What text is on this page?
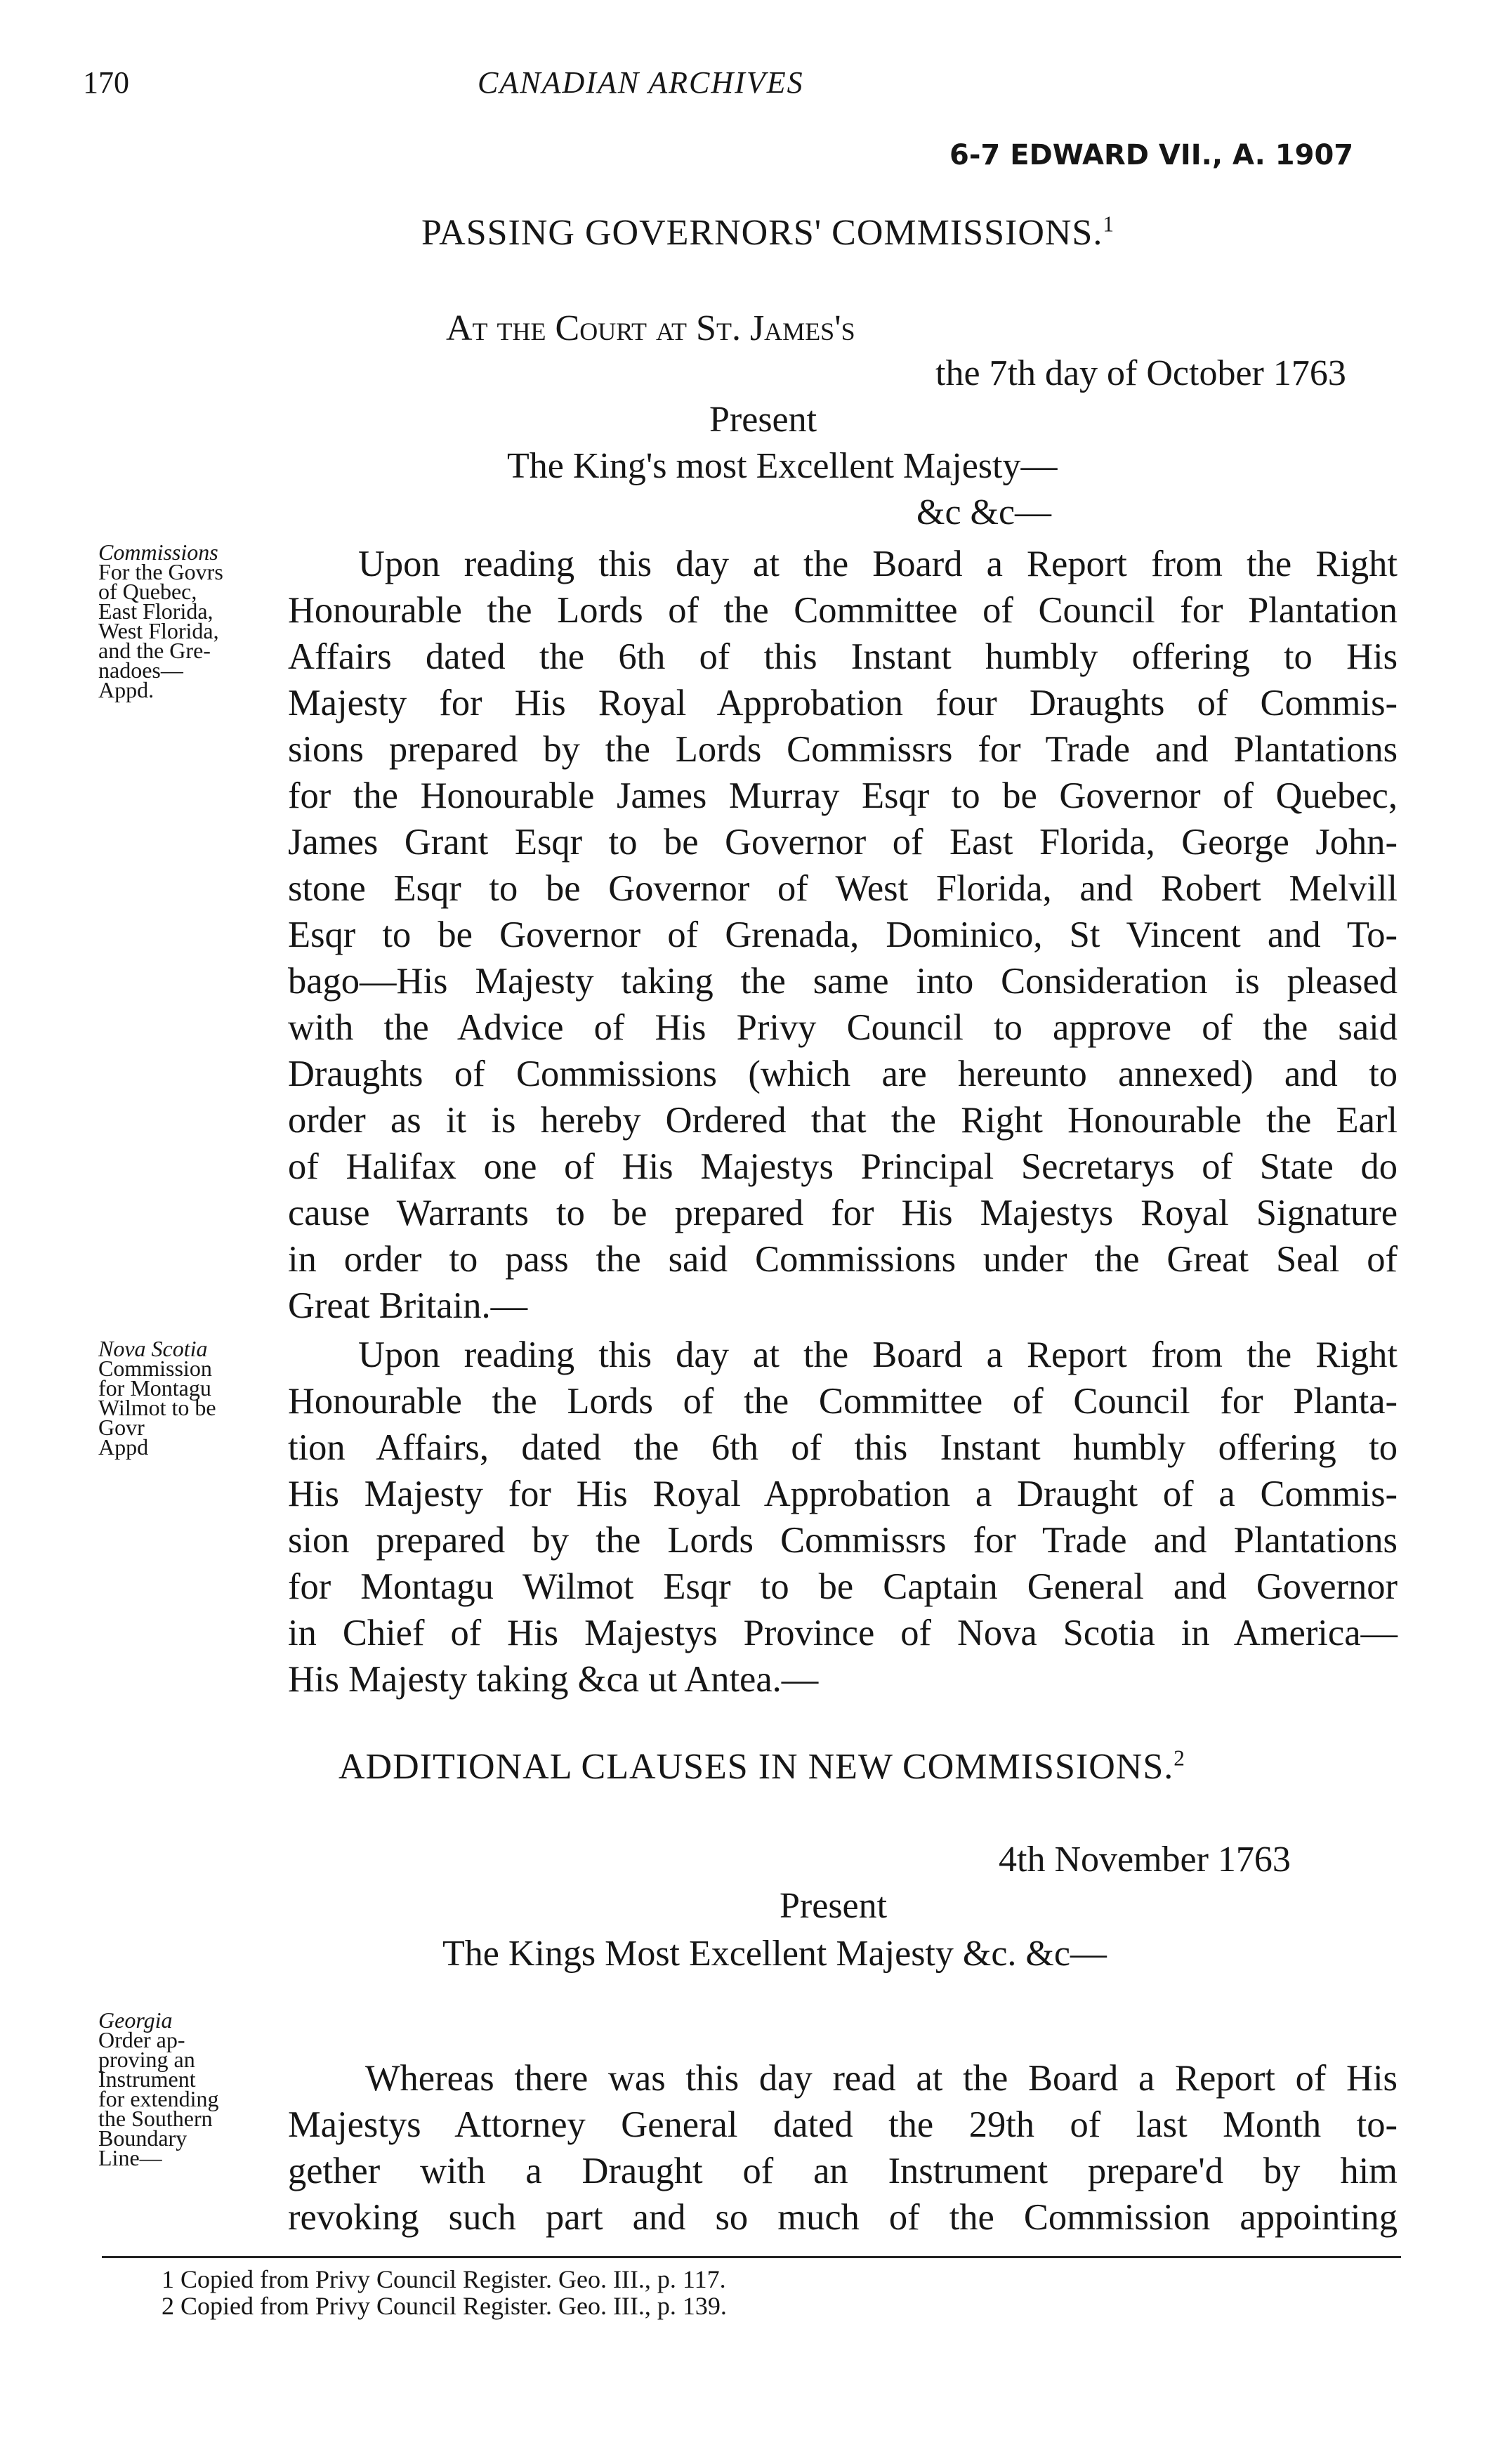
170	CANADIAN ARCHIVES
6-7 EDWARD VII., A. 1907
PASSING GOVERNORS' COMMISSIONS.$^1$
At the Court at St. James's
the 7th day of October 1763
Present
The King's most Excellent Majesty—
&c &c—
Commissions
For the Govrs
of Quebec,
East Florida,
West Florida,
and the Gre-
nadoes—
Appd.
Upon reading this day at the Board a Report from the Right
Honourable the Lords of the Committee of Council for Plantation
Affairs dated the 6th of this Instant humbly offering to His
Majesty for His Royal Approbation four Draughts of Commis-
sions prepared by the Lords Commissrs for Trade and Plantations
for the Honourable James Murray Esqr to be Governor of Quebec,
James Grant Esqr to be Governor of East Florida, George John-
stone Esqr to be Governor of West Florida, and Robert Melvill
Esqr to be Governor of Grenada, Dominico, St Vincent and To-
bago—His Majesty taking the same into Consideration is pleased
with the Advice of His Privy Council to approve of the said
Draughts of Commissions (which are hereunto annexed) and to
order as it is hereby Ordered that the Right Honourable the Earl
of Halifax one of His Majestys Principal Secretarys of State do
cause Warrants to be prepared for His Majestys Royal Signature
in order to pass the said Commissions under the Great Seal of
Great Britain.—
Nova Scotia
Commission
for Montagu
Wilmot to be
Govr
Appd
Upon reading this day at the Board a Report from the Right
Honourable the Lords of the Committee of Council for Planta-
tion Affairs, dated the 6th of this Instant humbly offering to
His Majesty for His Royal Approbation a Draught of a Commis-
sion prepared by the Lords Commissrs for Trade and Plantations
for Montagu Wilmot Esqr to be Captain General and Governor
in Chief of His Majestys Province of Nova Scotia in America—
His Majesty taking &ca ut Antea.—
ADDITIONAL CLAUSES IN NEW COMMISSIONS.$^2$
4th November 1763
Present
The Kings Most Excellent Majesty &c. &c—
Georgia
Order ap-
proving an
Instrument
for extending
the Southern
Boundary
Line—
Whereas there was this day read at the Board a Report of His
Majestys Attorney General dated the 29th of last Month to-
gether with a Draught of an Instrument prepare'd by him
revoking such part and so much of the Commission appointing
1 Copied from Privy Council Register. Geo. III., p. 117.
2 Copied from Privy Council Register. Geo. III., p. 139.
